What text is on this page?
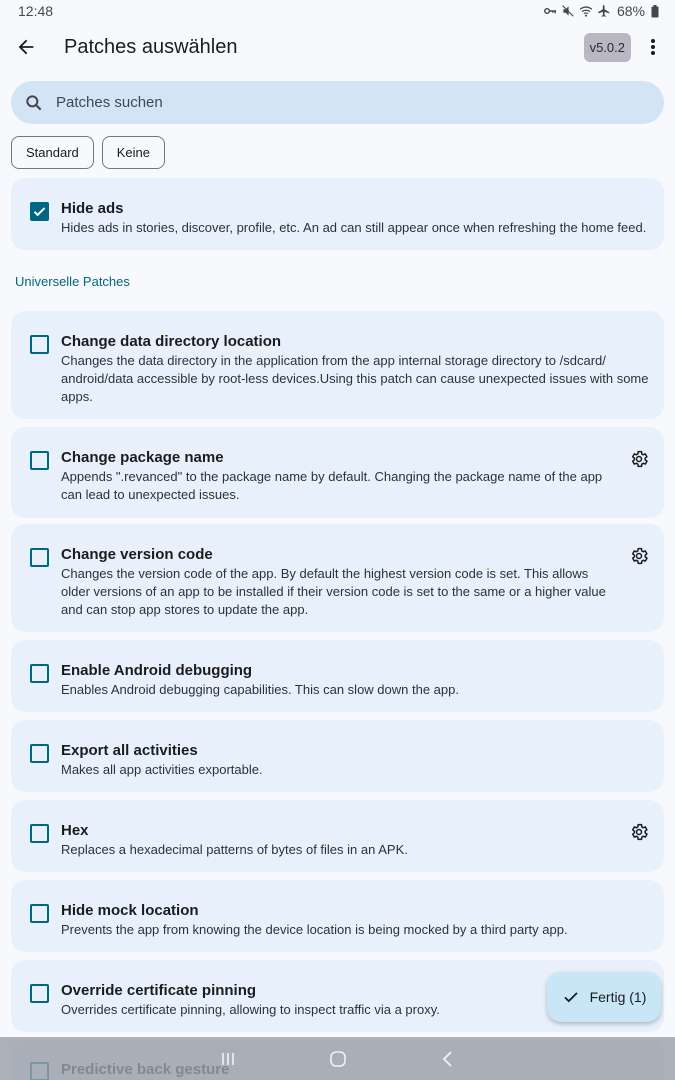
12:48	68%
Patches auswählen	v5.0.2
Patches suchen
Standard	Keine
Hide ads
Hides ads in stories, discover, profile, etc. An ad can still appear once when refreshing the home feed.
Universelle Patches
Change data directory location
Changes the data directory in the application from the app internal storage directory to /sdcard/ android/data accessible by root-less devices.Using this patch can cause unexpected issues with some apps.
Change package name
Appends ".revanced" to the package name by default. Changing the package name of the app can lead to unexpected issues.
Change version code
Changes the version code of the app. By default the highest version code is set. This allows older versions of an app to be installed if their version code is set to the same or a higher value and can stop app stores to update the app.
Enable Android debugging
Enables Android debugging capabilities. This can slow down the app.
Export all activities
Makes all app activities exportable.
Hex
Replaces a hexadecimal patterns of bytes of files in an APK.
Hide mock location
Prevents the app from knowing the device location is being mocked by a third party app.
Override certificate pinning
Overrides certificate pinning, allowing to inspect traffic via a proxy.
Fertig (1)
